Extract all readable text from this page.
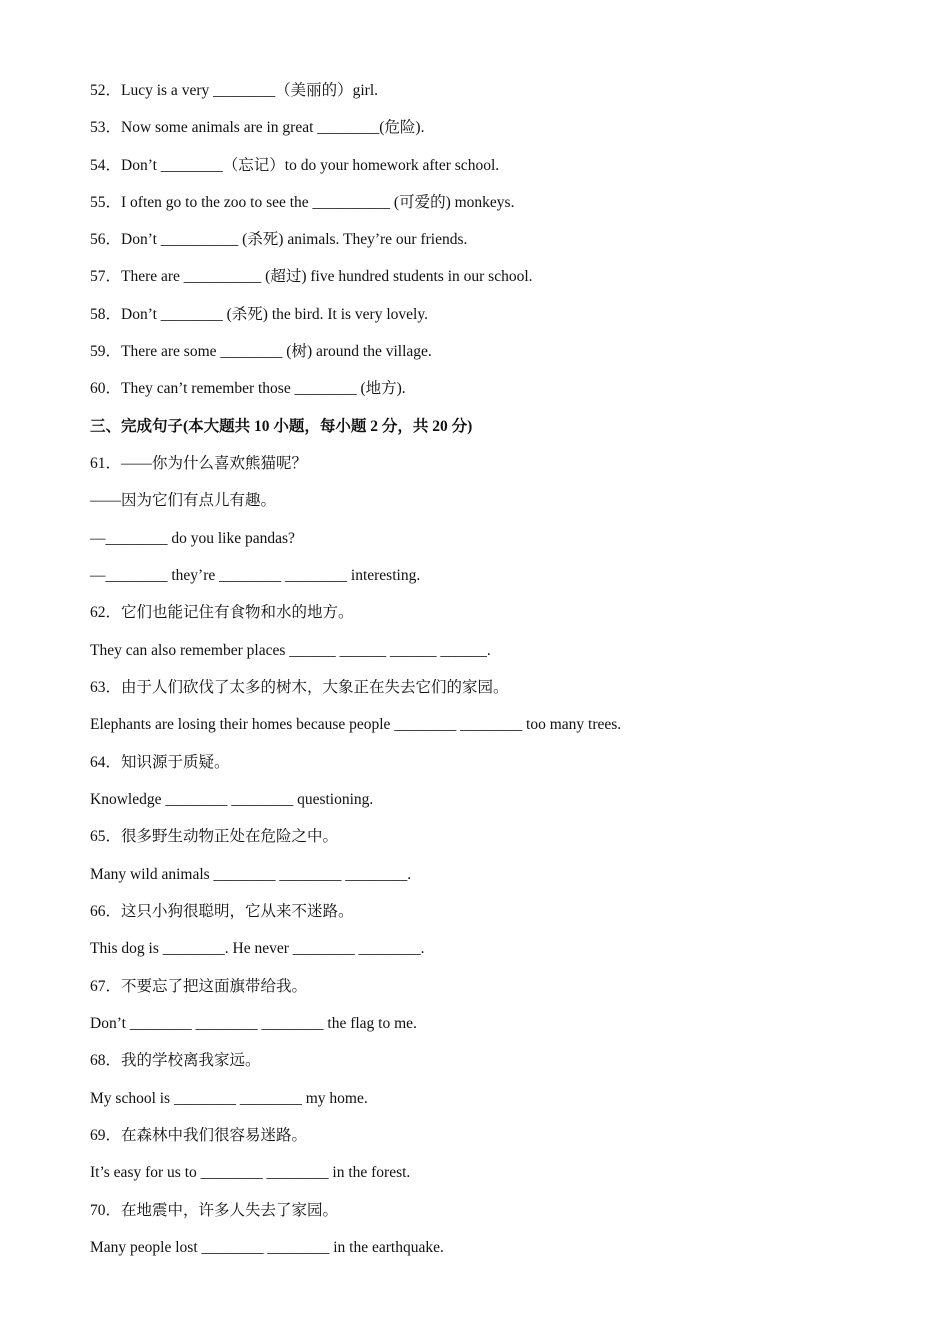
52．Lucy is a very ________（美丽的）girl.
53．Now some animals are in great ________(危险).
54．Don’t ________（忘记）to do your homework after school.
55．I often go to the zoo to see the __________ (可爱的) monkeys.
56．Don’t __________ (杀死) animals. They’re our friends.
57．There are __________ (超过) five hundred students in our school.
58．Don’t ________ (杀死) the bird. It is very lovely.
59．There are some ________ (树) around the village.
60．They can’t remember those ________ (地方).
三、完成句子(本大题共 10 小题，每小题 2 分，共 20 分)
61．——你为什么喜欢熊猫呢？
——因为它们有点儿有趣。
—________ do you like pandas?
—________ they’re ________ ________ interesting.
62．它们也能记住有食物和水的地方。
They can also remember places ______ ______ ______ ______.
63．由于人们砍伐了太多的树木，大象正在失去它们的家园。
Elephants are losing their homes because people ________ ________ too many trees.
64．知识源于质疑。
Knowledge ________ ________ questioning.
65．很多野生动物正处在危险之中。
Many wild animals ________ ________ ________.
66．这只小狗很聪明，它从来不迷路。
This dog is ________. He never ________ ________.
67．不要忘了把这面旗带给我。
Don’t ________ ________ ________ the flag to me.
68．我的学校离我家远。
My school is ________ ________ my home.
69．在森林中我们很容易迷路。
It’s easy for us to ________ ________ in the forest.
70．在地震中，许多人失去了家园。
Many people lost ________ ________ in the earthquake.
